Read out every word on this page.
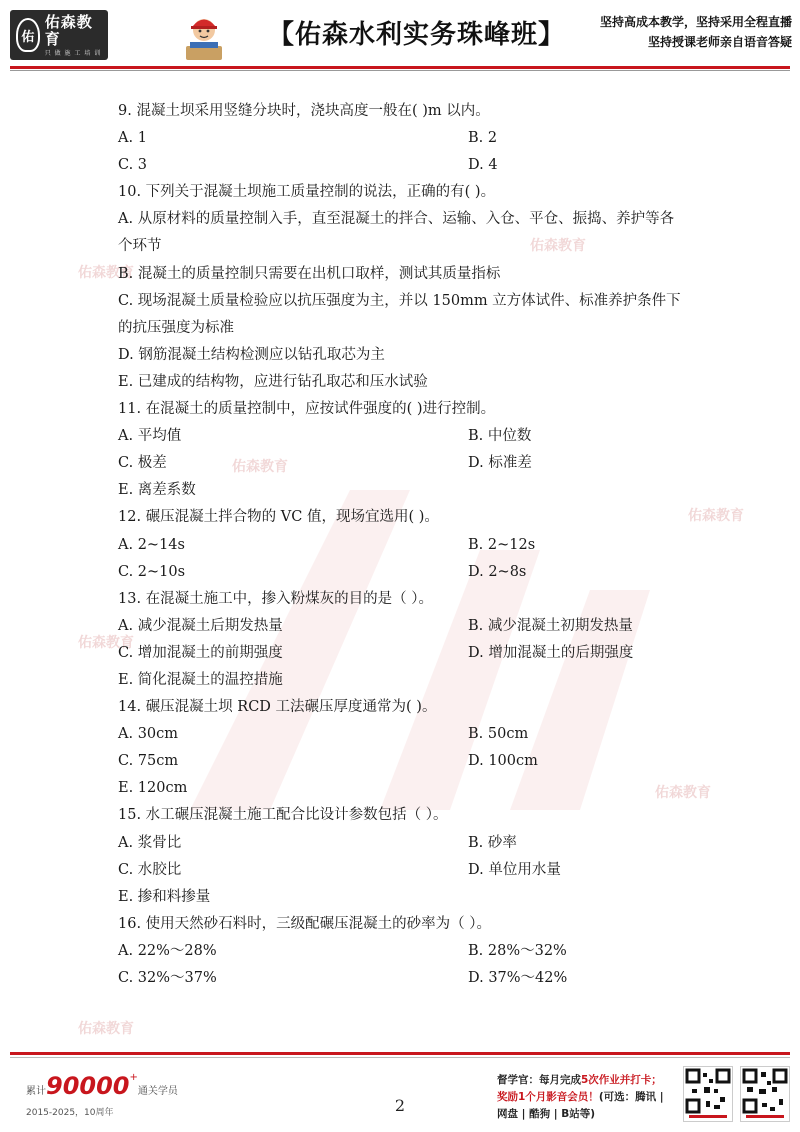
佑
佑森教育
只 做 施 工 培 训
【佑森水利实务珠峰班】	坚持高成本教学，坚持采用全程直播
坚持授课老师亲自语音答疑
佑森教育
佑森教育
佑森教育
佑森教育
佑森教育
佑森教育
佑森教育
9. 混凝土坝采用竖缝分块时，浇块高度一般在( )m 以内。
A. 1	B. 2
C. 3	D. 4
10. 下列关于混凝土坝施工质量控制的说法，正确的有( )。
A. 从原材料的质量控制入手，直至混凝土的拌合、运输、入仓、平仓、振捣、养护等各个环节
B. 混凝土的质量控制只需要在出机口取样，测试其质量指标
C. 现场混凝土质量检验应以抗压强度为主，并以 150mm 立方体试件、标准养护条件下的抗压强度为标准
D. 钢筋混凝土结构检测应以钻孔取芯为主
E. 已建成的结构物，应进行钻孔取芯和压水试验
11. 在混凝土的质量控制中，应按试件强度的( )进行控制。
A. 平均值	B. 中位数
C. 极差	D. 标准差
E. 离差系数
12. 碾压混凝土拌合物的 VC 值，现场宜选用( )。
A. 2~14s	B. 2~12s
C. 2~10s	D. 2~8s
13. 在混凝土施工中，掺入粉煤灰的目的是（ ）。
A. 减少混凝土后期发热量	B. 减少混凝土初期发热量
C. 增加混凝土的前期强度	D. 增加混凝土的后期强度
E. 简化混凝土的温控措施
14. 碾压混凝土坝 RCD 工法碾压厚度通常为( )。
A. 30cm	B. 50cm
C. 75cm	D. 100cm
E. 120cm
15. 水工碾压混凝土施工配合比设计参数包括（ ）。
A. 浆骨比	B. 砂率
C. 水胶比	D. 单位用水量
E. 掺和料掺量
16. 使用天然砂石料时，三级配碾压混凝土的砂率为（ ）。
A. 22%～28%	B. 28%～32%
C. 32%～37%	D. 37%～42%
累计90000+通关学员
2015-2025，10周年	2
督学官：每月完成5次作业并打卡；
奖励1个月影音会员！(可选：腾讯 |
网盘 | 酷狗 | B站等)
